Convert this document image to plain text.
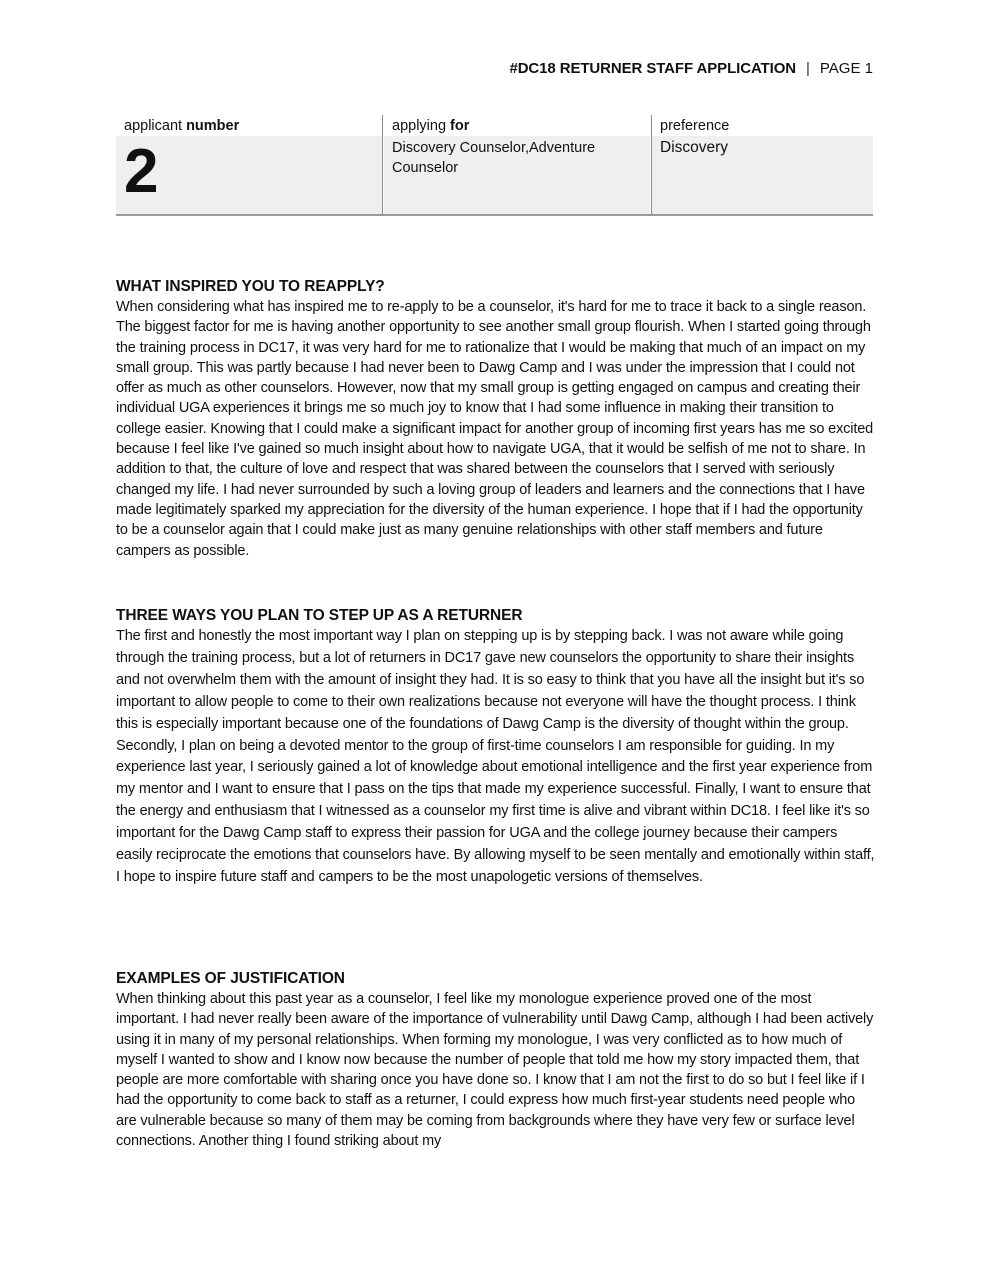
#DC18 RETURNER STAFF APPLICATION | PAGE 1
applicant number
2
applying for
Discovery Counselor,Adventure Counselor
preference
Discovery
WHAT INSPIRED YOU TO REAPPLY?

When considering what has inspired me to re-apply to be a counselor, it's hard for me to trace it back to a single reason. The biggest factor for me is having another opportunity to see another small group flourish. When I started going through the training process in DC17, it was very hard for me to rationalize that I would be making that much of an impact on my small group. This was partly because I had never been to Dawg Camp and I was under the impression that I could not offer as much as other counselors. However, now that my small group is getting engaged on campus and creating their individual UGA experiences it brings me so much joy to know that I had some influence in making their transition to college easier. Knowing that I could make a significant impact for another group of incoming first years has me so excited because I feel like I've gained so much insight about how to navigate UGA, that it would be selfish of me not to share. In addition to that, the culture of love and respect that was shared between the counselors that I served with seriously changed my life. I had never surrounded by such a loving group of leaders and learners and the connections that I have made legitimately sparked my appreciation for the diversity of the human experience. I hope that if I had the opportunity to be a counselor again that I could make just as many genuine relationships with other staff members and future campers as possible.

THREE WAYS YOU PLAN TO STEP UP AS A RETURNER

The first and honestly the most important way I plan on stepping up is by stepping back. I was not aware while going through the training process, but a lot of returners in DC17 gave new counselors the opportunity to share their insights and not overwhelm them with the amount of insight they had. It is so easy to think that you have all the insight but it's so important to allow people to come to their own realizations because not everyone will have the thought process. I think this is especially important because one of the foundations of Dawg Camp is the diversity of thought within the group. Secondly, I plan on being a devoted mentor to the group of first-time counselors I am responsible for guiding. In my experience last year, I seriously gained a lot of knowledge about emotional intelligence and the first year experience from my mentor and I want to ensure that I pass on the tips that made my experience successful. Finally, I want to ensure that the energy and enthusiasm that I witnessed as a counselor my first time is alive and vibrant within DC18. I feel like it's so important for the Dawg Camp staff to express their passion for UGA and the college journey because their campers easily reciprocate the emotions that counselors have. By allowing myself to be seen mentally and emotionally within staff, I hope to inspire future staff and campers to be the most unapologetic versions of themselves.

EXAMPLES OF JUSTIFICATION

When thinking about this past year as a counselor, I feel like my monologue experience proved one of the most important. I had never really been aware of the importance of vulnerability until Dawg Camp, although I had been actively using it in many of my personal relationships. When forming my monologue, I was very conflicted as to how much of myself I wanted to show and I know now because the number of people that told me how my story impacted them, that people are more comfortable with sharing once you have done so. I know that I am not the first to do so but I feel like if I had the opportunity to come back to staff as a returner, I could express how much first-year students need people who are vulnerable because so many of them may be coming from backgrounds where they have very few or surface level connections. Another thing I found striking about my
